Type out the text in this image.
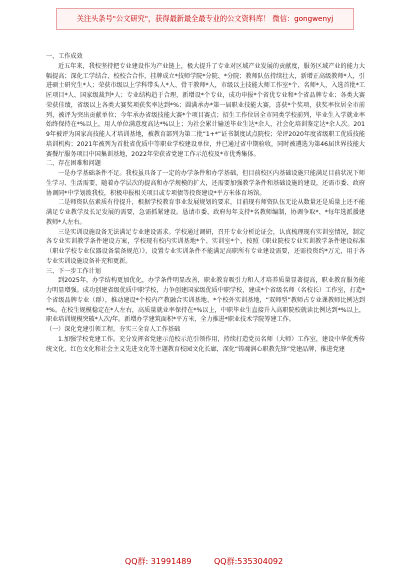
关注头条号"公文研究"，获得最新最全最专业的公文资料库！ 微信：gongwenyj
一、工作成效

近五年来，我校坚持把专业建设作为产业链上，极大提升了专业对区域产业发展的贡献度，服务区域产业的能力大幅提高；深化工学结合、校校合合作，挂牌成立*技师学院*分院、*分院；教师队伍持续壮大，新增正高级教师*人，引进硕士研究生*人；荣获市级以上学科带头人*人、骨干教师*人，市级以上技能大师工作室*个、名师*人，入选首批*工匠项目*人、国家级裁判*人；专业结构趋于合理，新增设*个专业，成功申报*个省优专业和*个省品牌专业；各类大赛荣获佳绩，省级以上各类大赛奖项获奖率达到*%；圆满承办*第一届职业技能大赛，喜获*个奖项，获奖率位居全市前列，被评为突出贡献单位；今年承办省级技能大赛*个项目赛点；招生工作位居全市同类学校前列，毕业生入学就业率始终保持在*%以上，用人单位满意度高达*%以上；为社会累计输送毕业生达*余人，社会化培训鉴定达*余人次。2019年被评为国家高技能人才培训基地，被教育部列为第二批“1+*”证书制度试点院校；荣评2020年度省级职工优质技能培训机构；2021年被列为首批省优质中等职业学校建设单位，并已通过省中期验收，同时被遴选为第46届世界技能大赛餐厅服务项目中国集训基地，2022年荣获省党建工作示范校及*市优秀集体。

二、存在困难和问题

一是办学基础条件不足。我校虽具备了一定的办学条件和办学基础，但目前校区内基础设施只能满足目前状况下师生学习、生活需要，随着办学层次的提高和办学规模的扩大，还需要加强教学条件和基础设施的建设，还需市委、政府协调同*中学划拨我校，积极申报相关项目或专项债等投资建设*平方米体育场馆。

二是师资队伍素质有待提升，根据学校教育事业发展规划的要求，目前现有师资队伍无论从数量还是质量上还不能满足专业教学及长足发展的需要，急需抓紧建设。恳请市委、政府每年支持*名教师编制，协调争取*、*每年选派援建教师*人左右。

三是实训设施设备无法满足专业建设需求。学校通过调研，召开专业分析论证会，认真梳理现有实训室情况，制定各专业实训教学条件建设方案，学校现有校内实训基地*个、实训室*个，按照《职业院校专业实训教学条件建设标准（职业学校专业仪器设备装备规范）》，设置专业实训条件不能满足高职所有专业建设需要，还需投资约*万元，用于各专业实训设施设备补充和更新。

三、下一步工作计划

到2025年，办学结构更加优化，办学条件明显改善，职业教育吸引力和人才培养质量显著提高，职业教育服务能力明显增强。成功创建省级优质中职学校，力争创建国家级优质中职学校，建成*个省级名师（名校长）工作室，打造*个省级品牌专业（群），推动建设*个校内产教融合实训基地、*个校外实训基地，“双师型”教师占专业课教师比例达到*%。在校生规模稳定在*人左右，高质量就业率保持在*%以上，中职毕业生直接升入高职院校就读比例达到*%以上，职业培训规模突破*人次/年。新增办学建筑面积*平方米，全力推进*职业技术学院筹建工作。

（一）深化党建引领工程，夯实三全育人工作基础

1.加强学校党建工作。充分发挥省党建示范校示范引领作用，持续打造党员名师（大师）工作室，建设中华优秀传统文化、红色文化和社会主义先进文化等主题教育校园文化长廊，深化“铸魂润心职教先锋”党建品牌，推进党建

QQ群: 31991489	QQ群:535304092
